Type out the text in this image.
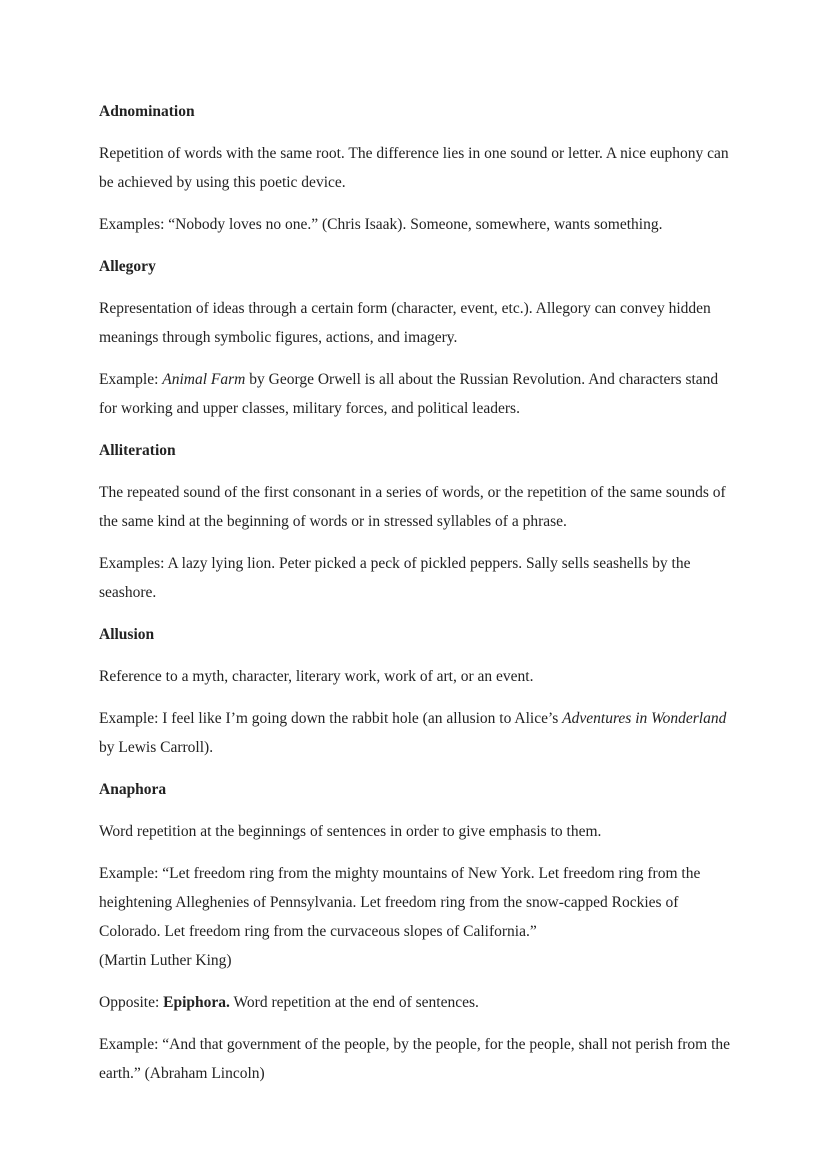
Adnomination
Repetition of words with the same root. The difference lies in one sound or letter. A nice euphony can be achieved by using this poetic device.
Examples: “Nobody loves no one.” (Chris Isaak). Someone, somewhere, wants something.
Allegory
Representation of ideas through a certain form (character, event, etc.). Allegory can convey hidden meanings through symbolic figures, actions, and imagery.
Example: Animal Farm by George Orwell is all about the Russian Revolution. And characters stand for working and upper classes, military forces, and political leaders.
Alliteration
The repeated sound of the first consonant in a series of words, or the repetition of the same sounds of the same kind at the beginning of words or in stressed syllables of a phrase.
Examples: A lazy lying lion. Peter picked a peck of pickled peppers. Sally sells seashells by the seashore.
Allusion
Reference to a myth, character, literary work, work of art, or an event.
Example: I feel like I’m going down the rabbit hole (an allusion to Alice’s Adventures in Wonderland by Lewis Carroll).
Anaphora
Word repetition at the beginnings of sentences in order to give emphasis to them.
Example: “Let freedom ring from the mighty mountains of New York. Let freedom ring from the heightening Alleghenies of Pennsylvania. Let freedom ring from the snow-capped Rockies of Colorado. Let freedom ring from the curvaceous slopes of California.”
(Martin Luther King)
Opposite: Epiphora. Word repetition at the end of sentences.
Example: “And that government of the people, by the people, for the people, shall not perish from the earth.” (Abraham Lincoln)
